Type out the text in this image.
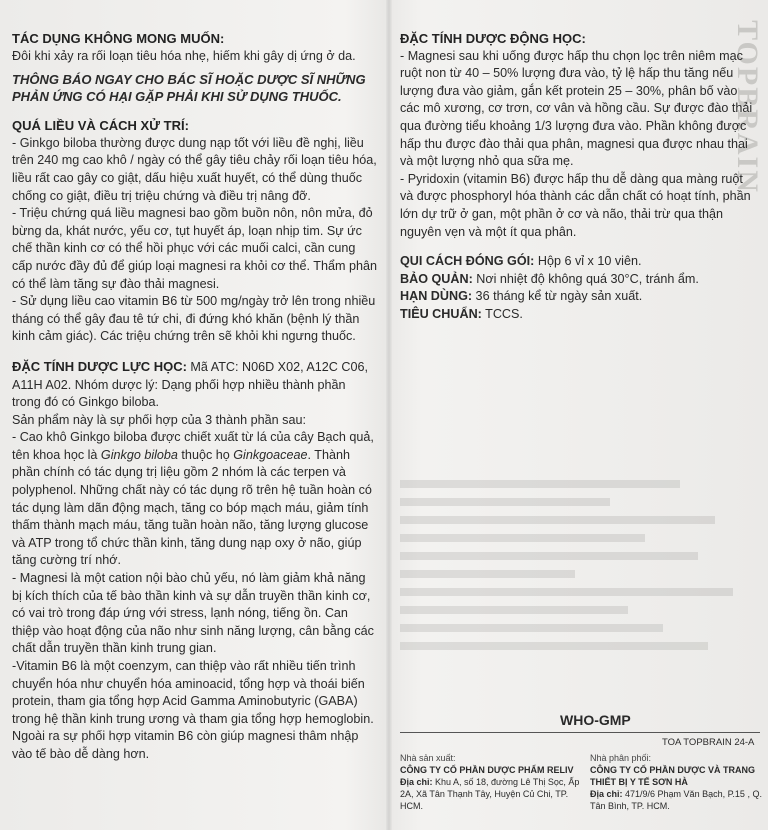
TOPBRAIN

TÁC DỤNG KHÔNG MONG MUỐN:

Đôi khi xảy ra rối loạn tiêu hóa nhẹ, hiếm khi gây dị ứng ở da.

THÔNG BÁO NGAY CHO BÁC SĨ HOẶC DƯỢC SĨ NHỮNG PHẢN ỨNG CÓ HẠI GẶP PHẢI KHI SỬ DỤNG THUỐC.

QUÁ LIỀU VÀ CÁCH XỬ TRÍ:

- Ginkgo biloba thường được dung nạp tốt với liều đề nghị, liều trên 240 mg cao khô / ngày có thể gây tiêu chảy rối loạn tiêu hóa, liều rất cao gây co giật, dấu hiệu xuất huyết, có thể dùng thuốc chống co giật, điều trị triệu chứng và điều trị nâng đỡ.

- Triệu chứng quá liều magnesi bao gồm buồn nôn, nôn mửa, đỏ bừng da, khát nước, yếu cơ, tụt huyết áp, loạn nhịp tim. Sự ức chế thần kinh cơ có thể hồi phục với các muối calci, cần cung cấp nước đầy đủ để giúp loại magnesi ra khỏi cơ thể. Thẩm phân có thể làm tăng sự đào thải magnesi.

- Sử dụng liều cao vitamin B6 từ 500 mg/ngày trở lên trong nhiều tháng có thể gây đau tê tứ chi, đi đứng khó khăn (bệnh lý thần kinh cảm giác). Các triệu chứng trên sẽ khỏi khi ngưng thuốc.

ĐẶC TÍNH DƯỢC LỰC HỌC: Mã ATC: N06D X02, A12C C06, A11H A02. Nhóm dược lý: Dạng phối hợp nhiều thành phần trong đó có Ginkgo biloba.

Sản phẩm này là sự phối hợp của 3 thành phần sau:

- Cao khô Ginkgo biloba được chiết xuất từ lá của cây Bạch quả, tên khoa học là Ginkgo biloba thuộc họ Ginkgoaceae. Thành phần chính có tác dụng trị liệu gồm 2 nhóm là các terpen và polyphenol. Những chất này có tác dụng rõ trên hệ tuần hoàn có tác dụng làm dãn động mạch, tăng co bóp mạch máu, giảm tính thấm thành mạch máu, tăng tuần hoàn não, tăng lượng glucose và ATP trong tổ chức thần kinh, tăng dung nạp oxy ở não, giúp tăng cường trí nhớ.

- Magnesi là một cation nội bào chủ yếu, nó làm giảm khả năng bị kích thích của tế bào thần kinh và sự dẫn truyền thần kinh cơ, có vai trò trong đáp ứng với stress, lạnh nóng, tiếng ồn. Can thiệp vào hoạt động của não như sinh năng lượng, cân bằng các chất dẫn truyền thần kinh trung gian.

-Vitamin B6 là một coenzym, can thiệp vào rất nhiều tiến trình chuyển hóa như chuyển hóa aminoacid, tổng hợp và thoái biến protein, tham gia tổng hợp Acid Gamma Aminobutyric (GABA) trong hệ thần kinh trung ương và tham gia tổng hợp hemoglobin. Ngoài ra sự phối hợp vitamin B6 còn giúp magnesi thâm nhập vào tế bào dễ dàng hơn.

ĐẶC TÍNH DƯỢC ĐỘNG HỌC:

- Magnesi sau khi uống được hấp thu chọn lọc trên niêm mạc ruột non từ 40 – 50% lượng đưa vào, tỷ lệ hấp thu tăng nếu lượng đưa vào giảm, gắn kết protein 25 – 30%, phân bố vào các mô xương, cơ trơn, cơ vân và hồng cầu. Sự được đào thải qua đường tiểu khoảng 1/3 lượng đưa vào. Phần không được hấp thu được đào thải qua phân, magnesi qua được nhau thai và một lượng nhỏ qua sữa mẹ.

- Pyridoxin (vitamin B6) được hấp thu dễ dàng qua màng ruột và được phosphoryl hóa thành các dẫn chất có hoạt tính, phần lớn dự trữ ở gan, một phần ở cơ và não, thải trừ qua thận nguyên vẹn và một ít qua phân.

QUI CÁCH ĐÓNG GÓI: Hộp 6 vỉ x 10 viên.

BẢO QUẢN: Nơi nhiệt độ không quá 30°C, tránh ẩm.

HẠN DÙNG: 36 tháng kể từ ngày sản xuất.

TIÊU CHUẨN: TCCS.

WHO-GMP
TOA TOPBRAIN 24-A
Nhà sản xuất:
CÔNG TY CỔ PHẦN DƯỢC PHẨM RELIV
Địa chỉ: Khu A, số 18, đường Lê Thị Sọc, Ấp 2A, Xã Tân Thạnh Tây, Huyện Củ Chi, TP. HCM.
Nhà phân phối:
CÔNG TY CỔ PHẦN DƯỢC VÀ TRANG THIẾT BỊ Y TẾ SƠN HÀ
Địa chỉ: 471/9/6 Phạm Văn Bạch, P.15 , Q. Tân Bình, TP. HCM.
